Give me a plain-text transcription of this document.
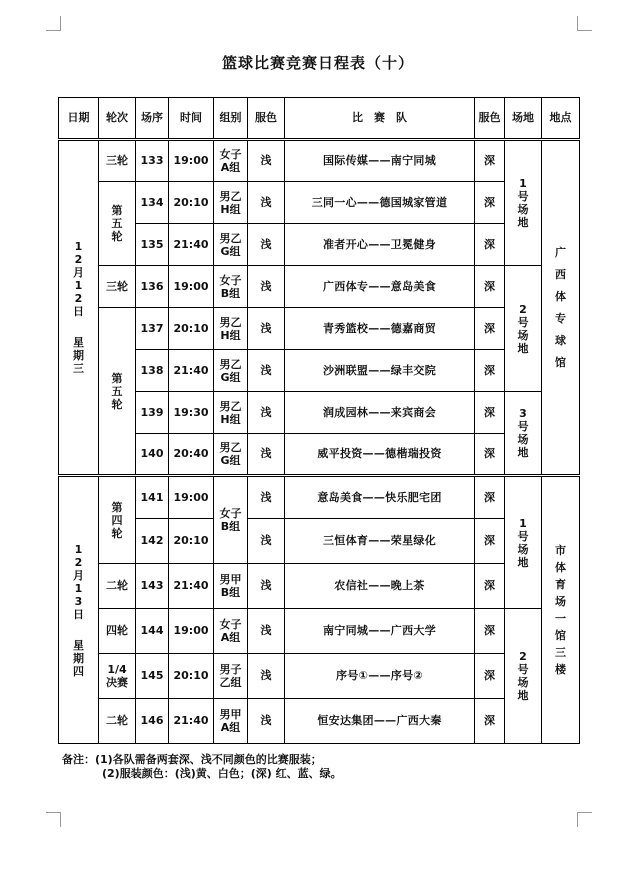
篮球比赛竞赛日程表（十）
日期	轮次	场序	时间	组别	服色	比　赛　队	服色	场地	地点

12月12日
星期三	三轮	133	19:00	女子A组	浅	国际传媒——南宁同城	深	1号场地	广西体专球馆

	第五轮	134	20:10	男乙H组	浅	三同一心——德国城家管道	深		
		135	21:40	男乙G组	浅	准者开心——卫冕健身	深		
	三轮	136	19:00	女子B组	浅	广西体专——意岛美食	深	2号场地	

	第五轮	137	20:10	男乙H组	浅	青秀篮校——德嘉商贸	深		
		138	21:40	男乙G组	浅	沙洲联盟——绿丰交院	深		
		139	19:30	男乙H组	浅	润成园林——来宾商会	深	3号场地	

		140	20:40	男乙G组	浅	威平投资——德楷瑞投资	深		

12月13日
星期四	第四轮	141	19:00	女子B组	浅	意岛美食——快乐肥宅团	深	1号场地	市体育场一馆三楼

		142	20:10		浅	三恒体育——荣星绿化	深		
	二轮	143	21:40	男甲B组	浅	农信社——晚上茶	深		
	四轮	144	19:00	女子A组	浅	南宁同城——广西大学	深	2号场地	

	1/4决赛	145	20:10	男子乙组	浅	序号①——序号②	深		
	二轮	146	21:40	男甲A组	浅	恒安达集团——广西大秦	深		
备注：(1)各队需备两套深、浅不同颜色的比赛服装；
(2)服装颜色：(浅)黄、白色；(深) 红、蓝、绿。
